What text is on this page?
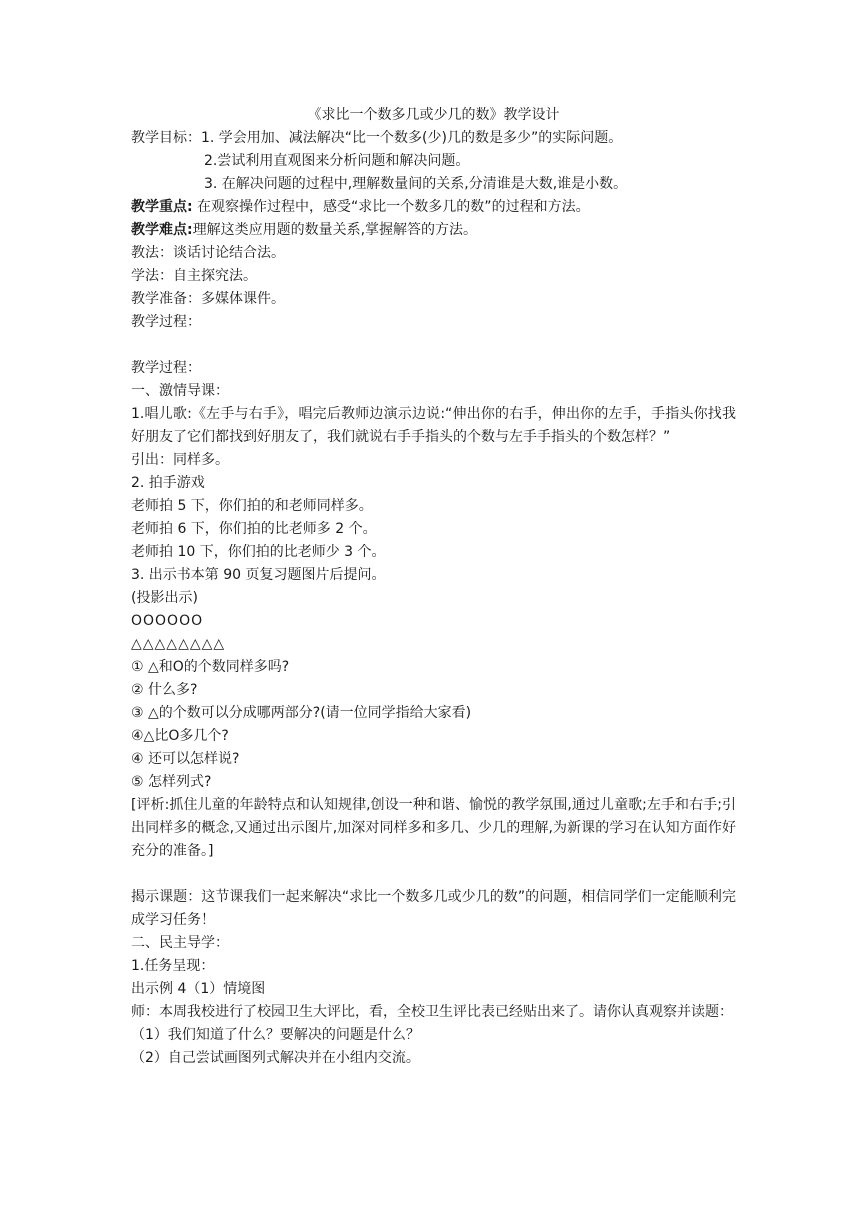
《求比一个数多几或少几的数》教学设计
教学目标：1. 学会用加、减法解决“比一个数多(少)几的数是多少”的实际问题。
2.尝试利用直观图来分析问题和解决问题。
3. 在解决问题的过程中,理解数量间的关系,分清谁是大数,谁是小数。
教学重点: 在观察操作过程中，感受“求比一个数多几的数”的过程和方法。
教学难点:理解这类应用题的数量关系,掌握解答的方法。
教法：谈话讨论结合法。
学法：自主探究法。
教学准备：多媒体课件。
教学过程：
教学过程：
一、激情导课：
1.唱儿歌:《左手与右手》，唱完后教师边演示边说:“伸出你的右手，伸出你的左手，手指头你找我好朋友了它们都找到好朋友了，我们就说右手手指头的个数与左手手指头的个数怎样？”
引出：同样多。
2. 拍手游戏
老师拍 5 下，你们拍的和老师同样多。
老师拍 6 下，你们拍的比老师多 2 个。
老师拍 10 下，你们拍的比老师少 3 个。
3. 出示书本第 90 页复习题图片后提问。
(投影出示)
OOOOOO
△△△△△△△△
① △和O的个数同样多吗?
② 什么多?
③ △的个数可以分成哪两部分?(请一位同学指给大家看)
④△比O多几个?
④ 还可以怎样说?
⑤ 怎样列式?
[评析:抓住儿童的年龄特点和认知规律,创设一种和谐、愉悦的教学氛围,通过儿童歌;左手和右手;引出同样多的概念,又通过出示图片,加深对同样多和多几、少几的理解,为新课的学习在认知方面作好充分的准备。]
揭示课题：这节课我们一起来解决“求比一个数多几或少几的数”的问题，相信同学们一定能顺利完成学习任务！
二、民主导学：
1.任务呈现：
出示例 4（1）情境图
师：本周我校进行了校园卫生大评比，看，全校卫生评比表已经贴出来了。请你认真观察并读题：
（1）我们知道了什么？要解决的问题是什么？
（2）自己尝试画图列式解决并在小组内交流。
